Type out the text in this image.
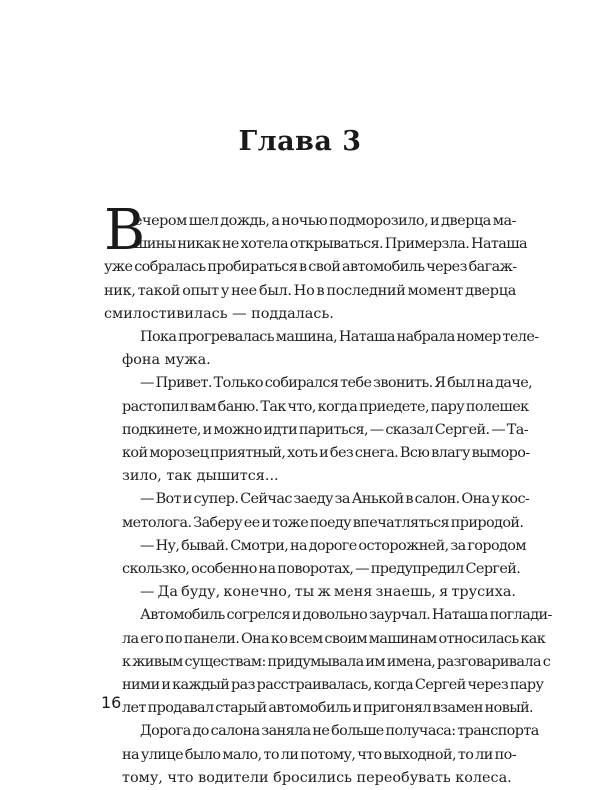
Глава 3
В
ечером шел дождь, а ночью подморозило, и дверца ма-
шины никак не хотела открываться. Примерзла. Наташа
уже собралась пробираться в свой автомобиль через багаж-
ник, такой опыт у нее был. Но в последний момент дверца
смилостивилась — поддалась.
Пока прогревалась машина, Наташа набрала номер теле-
фона мужа.
— Привет. Только собирался тебе звонить. Я был на даче,
растопил вам баню. Так что, когда приедете, пару полешек
подкинете, и можно идти париться, — сказал Сергей. — Та-
кой морозец приятный, хоть и без снега. Всю влагу выморо-
зило, так дышится...
— Вот и супер. Сейчас заеду за Анькой в салон. Она у кос-
метолога. Заберу ее и тоже поеду впечатляться природой.
— Ну, бывай. Смотри, на дороге осторожней, за городом
скользко, особенно на поворотах, — предупредил Сергей.
— Да буду, конечно, ты ж меня знаешь, я трусиха.
Автомобиль согрелся и довольно заурчал. Наташа поглади-
ла его по панели. Она ко всем своим машинам относилась как
к живым существам: придумывала им имена, разговаривала с
ними и каждый раз расстраивалась, когда Сергей через пару
лет продавал старый автомобиль и пригонял взамен новый.
Дорога до салона заняла не больше получаса: транспорта
на улице было мало, то ли потому, что выходной, то ли по-
тому, что водители бросились переобувать колеса.
16
